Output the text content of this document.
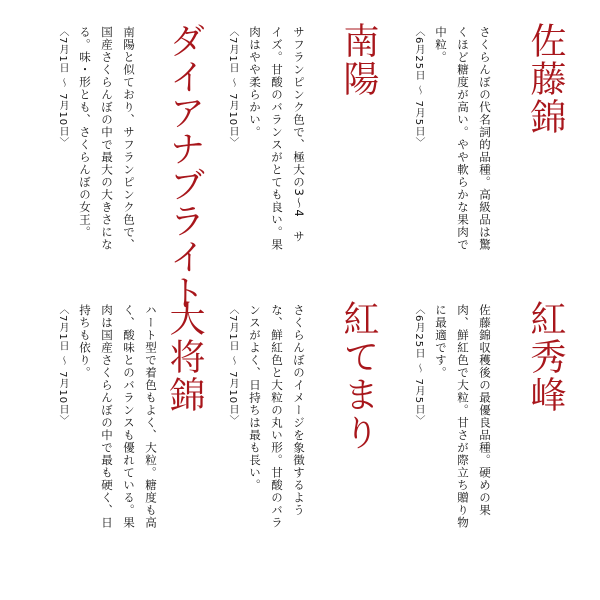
佐藤錦
さくらんぼの代名詞的品種。高級品は驚
くほど糖度が高い。やや軟らかな果肉で
中粒。
〈6月25日 〜 7月5日〉
南陽
サフランピンク色で、極大の3〜4　サ
イズ。甘酸のバランスがとても良い。果
肉はやや柔らかい。
〈7月1日 〜 7月10日〉
ダイアナブライト
南陽と似ており、サフランピンク色で、
国産さくらんぼの中で最大の大きさにな
る。味・形とも、さくらんぼの女王。
〈7月1日 〜 7月10日〉
紅秀峰
佐藤錦収穫後の最優良品種。硬めの果
肉、鮮紅色で大粒。甘さが際立ち贈り物
に最適です。
〈6月25日 〜 7月5日〉
紅てまり
さくらんぼのイメージを象徴するよう
な、鮮紅色と大粒の丸い形。甘酸のバラ
ンスがよく、日持ちは最も長い。
〈7月1日 〜 7月10日〉
大将錦
ハート型で着色もよく、大粒。糖度も高
く、酸味とのバランスも優れている。果
肉は国産さくらんぼの中で最も硬く、日
持ちも依り。
〈7月1日 〜 7月10日〉
